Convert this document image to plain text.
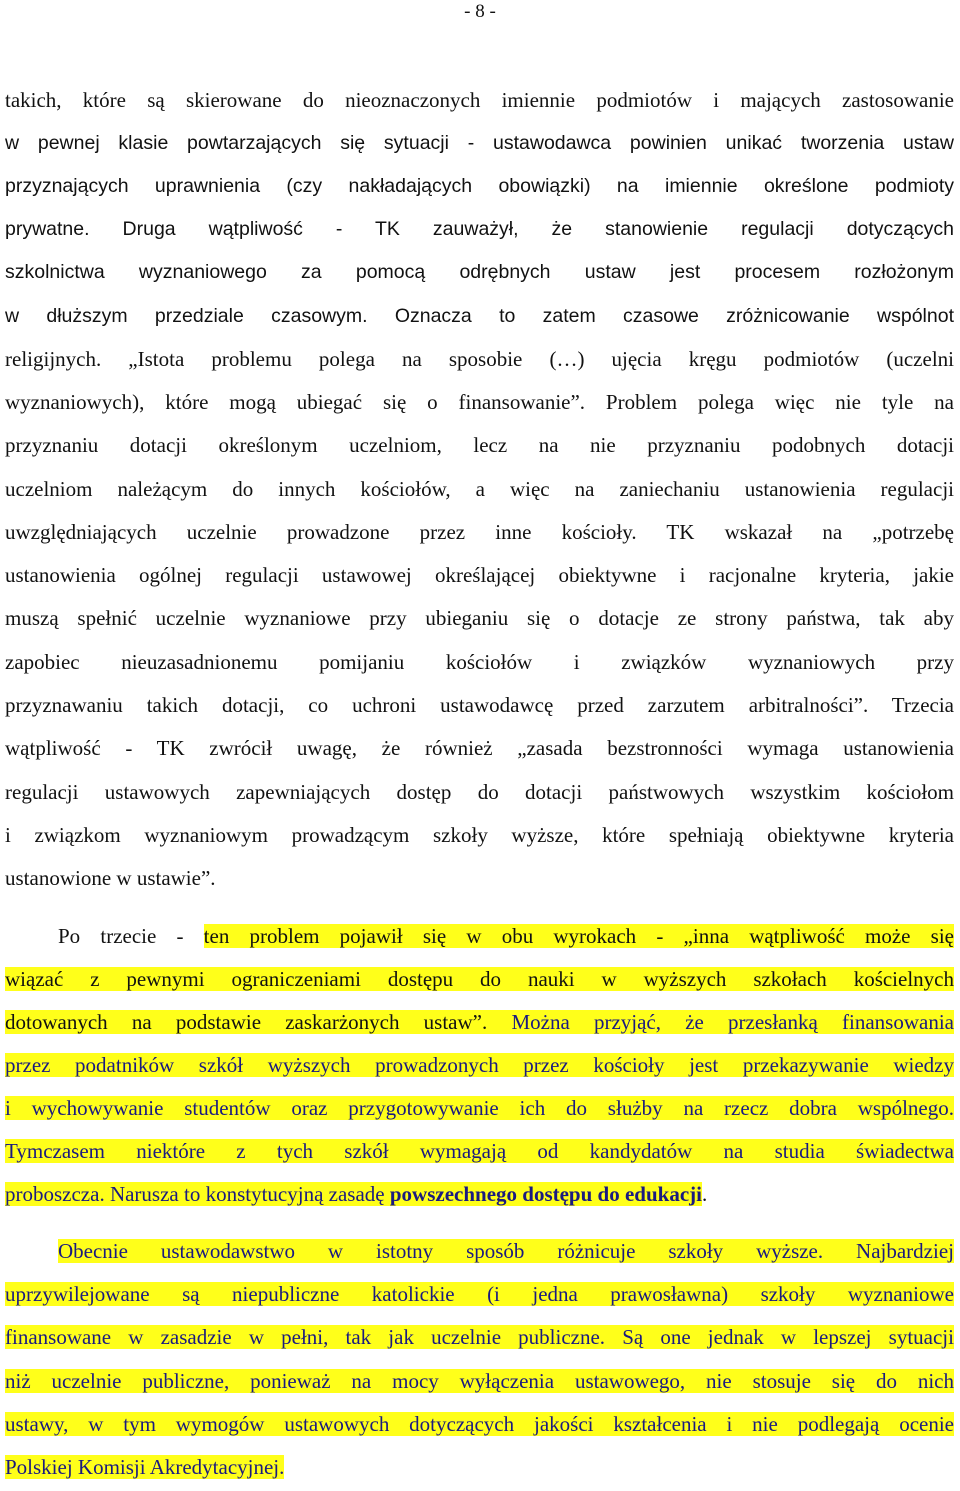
- 8 -
takich, które są skierowane do nieoznaczonych imiennie podmiotów i mających zastosowanie
w pewnej klasie powtarzających się sytuacji - ustawodawca powinien unikać tworzenia ustaw
przyznających uprawnienia (czy nakładających obowiązki) na imiennie określone podmioty
prywatne. Druga wątpliwość - TK zauważył, że stanowienie regulacji dotyczących
szkolnictwa wyznaniowego za pomocą odrębnych ustaw jest procesem rozłożonym
w dłuższym przedziale czasowym. Oznacza to zatem czasowe zróżnicowanie wspólnot
religijnych. „Istota problemu polega na sposobie (…) ujęcia kręgu podmiotów (uczelni
wyznaniowych), które mogą ubiegać się o finansowanie”. Problem polega więc nie tyle na
przyznaniu dotacji określonym uczelniom, lecz na nie przyznaniu podobnych dotacji
uczelniom należącym do innych kościołów, a więc na zaniechaniu ustanowienia regulacji
uwzględniających uczelnie prowadzone przez inne kościoły. TK wskazał na „potrzebę
ustanowienia ogólnej regulacji ustawowej określającej obiektywne i racjonalne kryteria, jakie
muszą spełnić uczelnie wyznaniowe przy ubieganiu się o dotacje ze strony państwa, tak aby
zapobiec nieuzasadnionemu pomijaniu kościołów i związków wyznaniowych przy
przyznawaniu takich dotacji, co uchroni ustawodawcę przed zarzutem arbitralności”. Trzecia
wątpliwość - TK zwrócił uwagę, że również „zasada bezstronności wymaga ustanowienia
regulacji ustawowych zapewniających dostęp do dotacji państwowych wszystkim kościołom
i związkom wyznaniowym prowadzącym szkoły wyższe, które spełniają obiektywne kryteria
ustanowione w ustawie”.
Po trzecie - ten problem pojawił się w obu wyrokach - „inna wątpliwość może się
wiązać z pewnymi ograniczeniami dostępu do nauki w wyższych szkołach kościelnych
dotowanych na podstawie zaskarżonych ustaw”. Można przyjąć, że przesłanką finansowania
przez podatników szkół wyższych prowadzonych przez kościoły jest przekazywanie wiedzy
i wychowywanie studentów oraz przygotowywanie ich do służby na rzecz dobra wspólnego.
Tymczasem niektóre z tych szkół wymagają od kandydatów na studia świadectwa
proboszcza. Narusza to konstytucyjną zasadę powszechnego dostępu do edukacji.
Obecnie ustawodawstwo w istotny sposób różnicuje szkoły wyższe. Najbardziej
uprzywilejowane są niepubliczne katolickie (i jedna prawosławna) szkoły wyznaniowe
finansowane w zasadzie w pełni, tak jak uczelnie publiczne. Są one jednak w lepszej sytuacji
niż uczelnie publiczne, ponieważ na mocy wyłączenia ustawowego, nie stosuje się do nich
ustawy, w tym wymogów ustawowych dotyczących jakości kształcenia i nie podlegają ocenie
Polskiej Komisji Akredytacyjnej.
